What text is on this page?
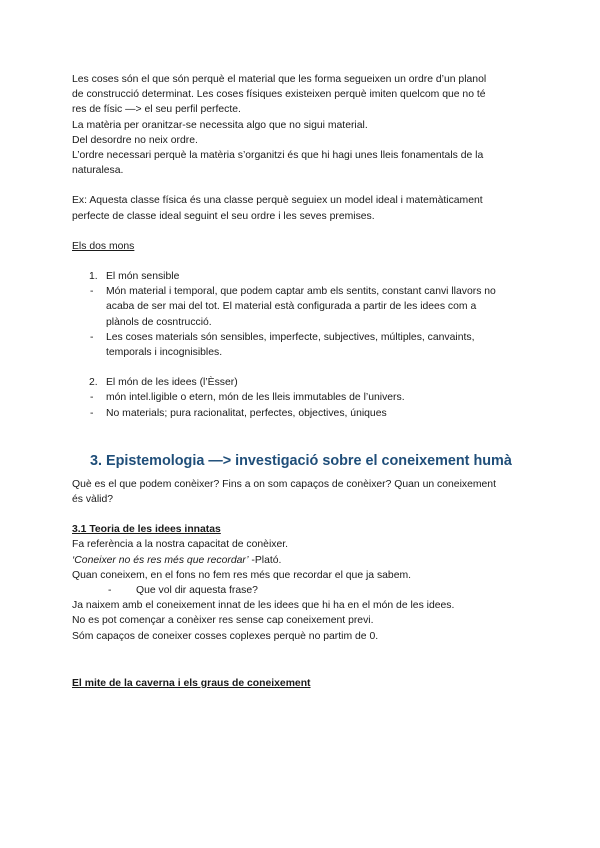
Les coses són el que són perquè el material que les forma segueixen un ordre d’un planol

de construcció determinat. Les coses físiques existeixen perquè imiten quelcom que no té

res de físic —> el seu perfil perfecte.

La matèria per oranitzar-se necessita algo que no sigui material.

Del desordre no neix ordre.

L’ordre necessari perquè la matèria s’organitzi és que hi hagi unes lleis fonamentals de la

naturalesa.

Ex: Aquesta classe física és una classe perquè seguiex un model ideal i matemàticament

perfecte de classe ideal seguint el seu ordre i les seves premises.

Els dos mons

1. El món sensible
-	Món material i temporal, que podem captar amb els sentits, constant canvi llavors no

acaba de ser mai del tot. El material està configurada a partir de les idees com a

plànols de cosntrucció.

-	Les coses materials són sensibles, imperfecte, subjectives, múltiples, canvaints,

temporals i incognisibles.

2. El món de les idees (l’Èsser)
-	món intel.ligible o etern, món de les lleis immutables de l’univers.
-	No materials; pura racionalitat, perfectes, objectives, úniques
3. Epistemologia —> investigació sobre el coneixement humà

Què es el que podem conèixer? Fins a on som capaços de conèixer? Quan un coneixement

és vàlid?

3.1 Teoria de les idees innatas

Fa referència a la nostra capacitat de conèixer.

‘Coneixer no és res més que recordar’ -Plató.

Quan coneixem, en el fons no fem res més que recordar el que ja sabem.

-	Que vol dir aquesta frase?

Ja naixem amb el coneixement innat de les idees que hi ha en el món de les idees.

No es pot començar a conèixer res sense cap coneixement previ.

Sóm capaços de coneixer cosses coplexes perquè no partim de 0.

El mite de la caverna i els graus de coneixement
